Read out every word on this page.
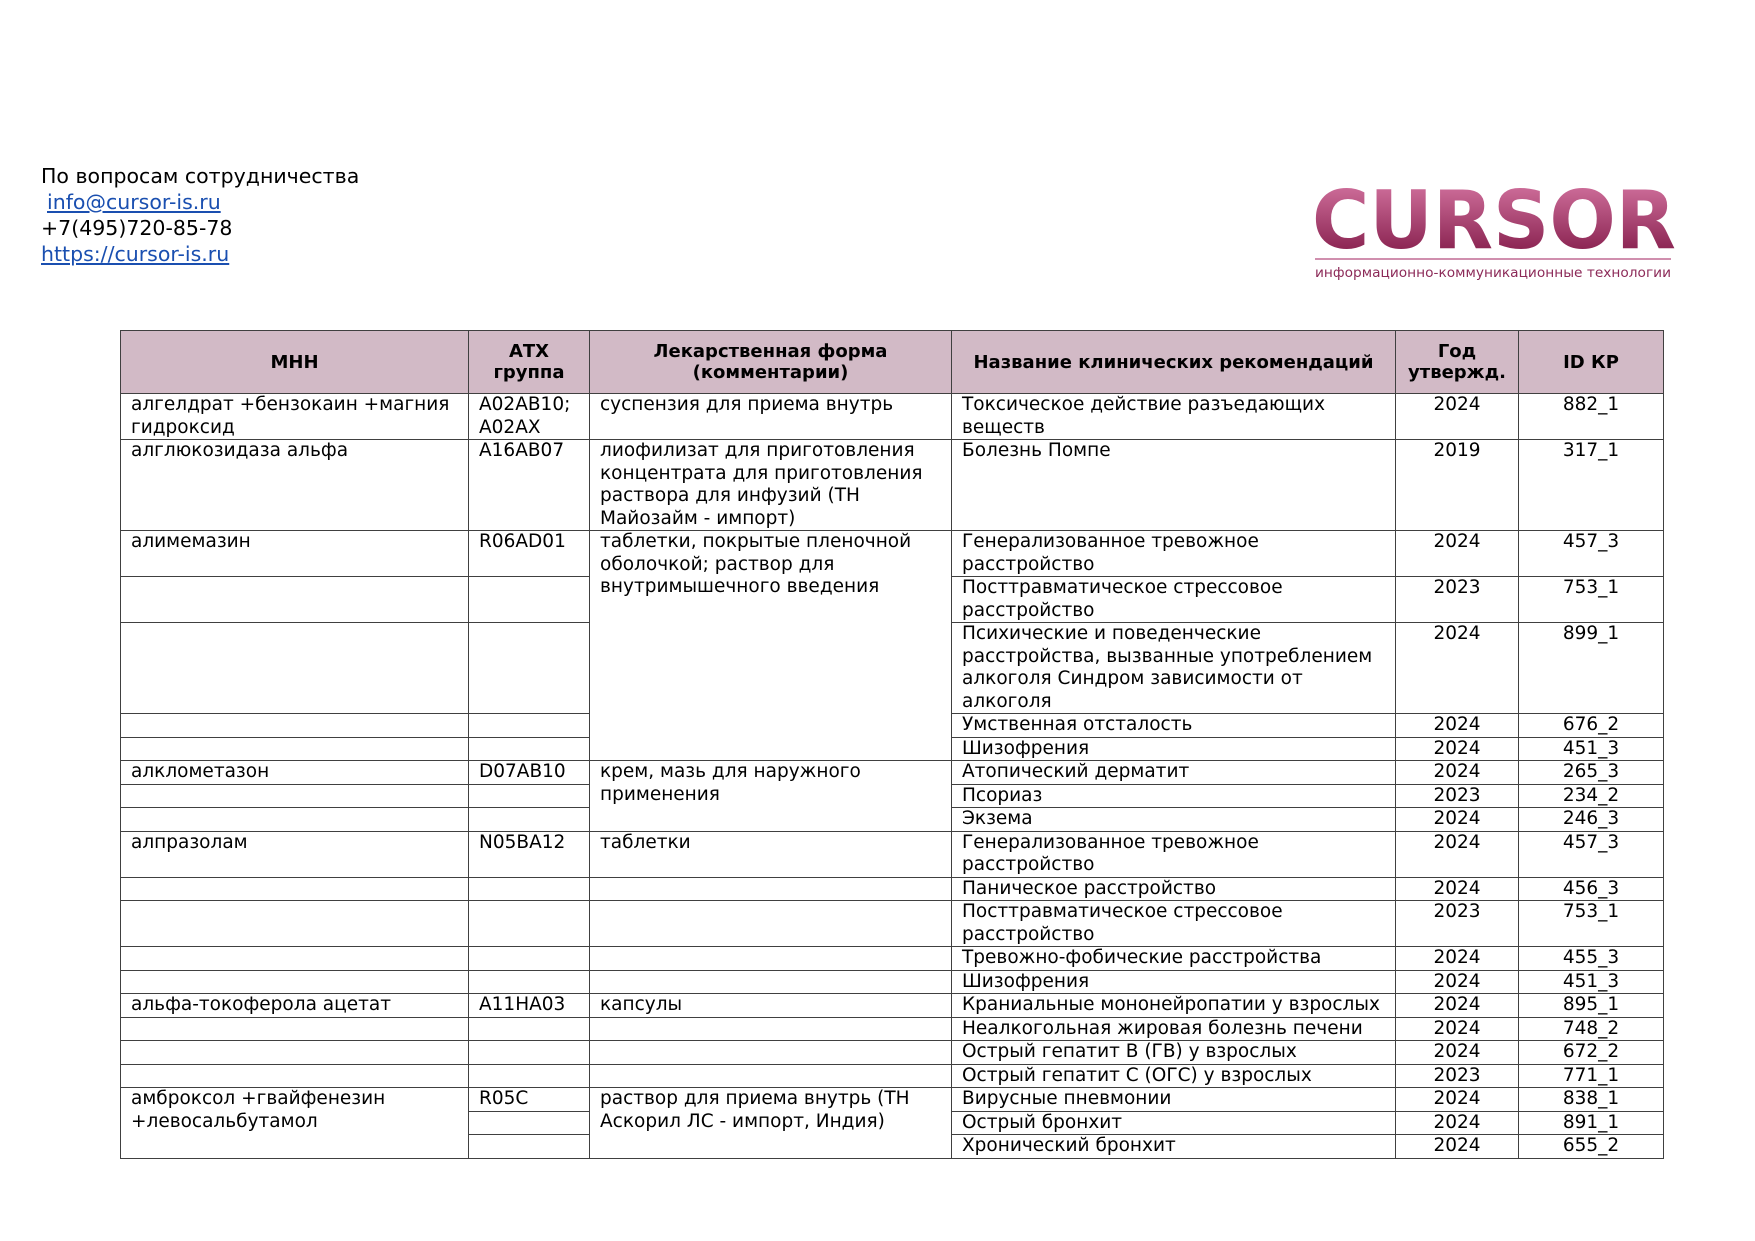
По вопросам сотрудничества
info@cursor-is.ru

+7(495)720-85-78
https://cursor-is.ru	CURSOR
информационно-коммуникационные технологии
МНН	АТХ группа	Лекарственная форма (комментарии)	Название клинических рекомендаций	Год утвержд.	ID КР
алгелдрат +бензокаин +магния гидроксид	A02AB10; A02AX	суспензия для приема внутрь	Токсическое действие разъедающих веществ	2024	882_1
алглюкозидаза альфа	A16AB07	лиофилизат для приготовления концентрата для приготовления раствора для инфузий (ТН Майозайм - импорт)	Болезнь Помпе	2019	317_1
алимемазин	R06AD01	таблетки, покрытые пленочной оболочкой; раствор для внутримышечного введения	Генерализованное тревожное расстройство	2024	457_3
			Посттравматическое стрессовое расстройство	2023	753_1
			Психические и поведенческие расстройства, вызванные употреблением алкоголя Синдром зависимости от алкоголя	2024	899_1
			Умственная отсталость	2024	676_2
			Шизофрения	2024	451_3
алклометазон	D07AB10	крем, мазь для наружного применения	Атопический дерматит	2024	265_3
			Псориаз	2023	234_2
			Экзема	2024	246_3
алпразолам	N05BA12	таблетки	Генерализованное тревожное расстройство	2024	457_3
			Паническое расстройство	2024	456_3
			Посттравматическое стрессовое расстройство	2023	753_1
			Тревожно-фобические расстройства	2024	455_3
			Шизофрения	2024	451_3
альфа-токоферола ацетат	A11HA03	капсулы	Краниальные мононейропатии у взрослых	2024	895_1
			Неалкогольная жировая болезнь печени	2024	748_2
			Острый гепатит В (ГВ) у взрослых	2024	672_2
			Острый гепатит С (ОГС) у взрослых	2023	771_1
амброксол +гвайфенезин +левосальбутамол	R05C	раствор для приема внутрь (ТН Аскорил ЛС - импорт, Индия)	Вирусные пневмонии	2024	838_1
			Острый бронхит	2024	891_1
			Хронический бронхит	2024	655_2
